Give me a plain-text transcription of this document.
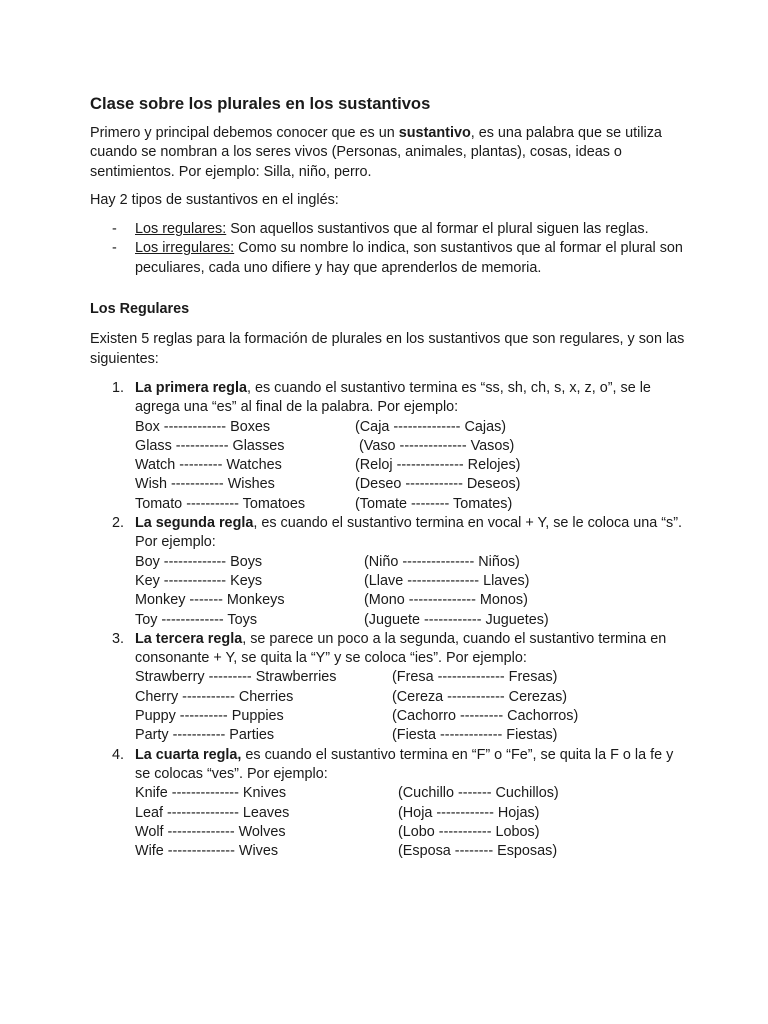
Clase sobre los plurales en los sustantivos

Primero y principal debemos conocer que es un sustantivo, es una palabra que se utiliza cuando se nombran a los seres vivos (Personas, animales, plantas), cosas, ideas o sentimientos. Por ejemplo: Silla, niño, perro.

Hay 2 tipos de sustantivos en el inglés:

- Los regulares: Son aquellos sustantivos que al formar el plural siguen las reglas.
- Los irregulares: Como su nombre lo indica, son sustantivos que al formar el plural son peculiares, cada uno difiere y hay que aprenderlos de memoria.
Los Regulares

Existen 5 reglas para la formación de plurales en los sustantivos que son regulares, y son las siguientes:

1. La primera regla, es cuando el sustantivo termina es “ss, sh, ch, s, x, z, o”, se le agrega una “es” al final de la palabra. Por ejemplo:
Box ------------- Boxes	(Caja -------------- Cajas)
Glass ----------- Glasses	(Vaso -------------- Vasos)
Watch --------- Watches	(Reloj -------------- Relojes)
Wish ----------- Wishes	(Deseo ------------ Deseos)
Tomato ----------- Tomatoes	(Tomate -------- Tomates)
2. La segunda regla, es cuando el sustantivo termina en vocal + Y, se le coloca una “s”. Por ejemplo:
Boy ------------- Boys	(Niño --------------- Niños)
Key ------------- Keys	(Llave --------------- Llaves)
Monkey ------- Monkeys	(Mono -------------- Monos)
Toy ------------- Toys	(Juguete ------------ Juguetes)
3. La tercera regla, se parece un poco a la segunda, cuando el sustantivo termina en consonante + Y, se quita la “Y” y se coloca “ies”. Por ejemplo:
Strawberry --------- Strawberries	(Fresa -------------- Fresas)
Cherry ----------- Cherries	(Cereza ------------ Cerezas)
Puppy ---------- Puppies	(Cachorro --------- Cachorros)
Party ----------- Parties	(Fiesta ------------- Fiestas)
4. La cuarta regla, es cuando el sustantivo termina en “F” o “Fe”, se quita la F o la fe y se colocas “ves”. Por ejemplo:
Knife -------------- Knives	(Cuchillo ------- Cuchillos)
Leaf --------------- Leaves	(Hoja ------------ Hojas)
Wolf -------------- Wolves	(Lobo ----------- Lobos)
Wife -------------- Wives	(Esposa -------- Esposas)
